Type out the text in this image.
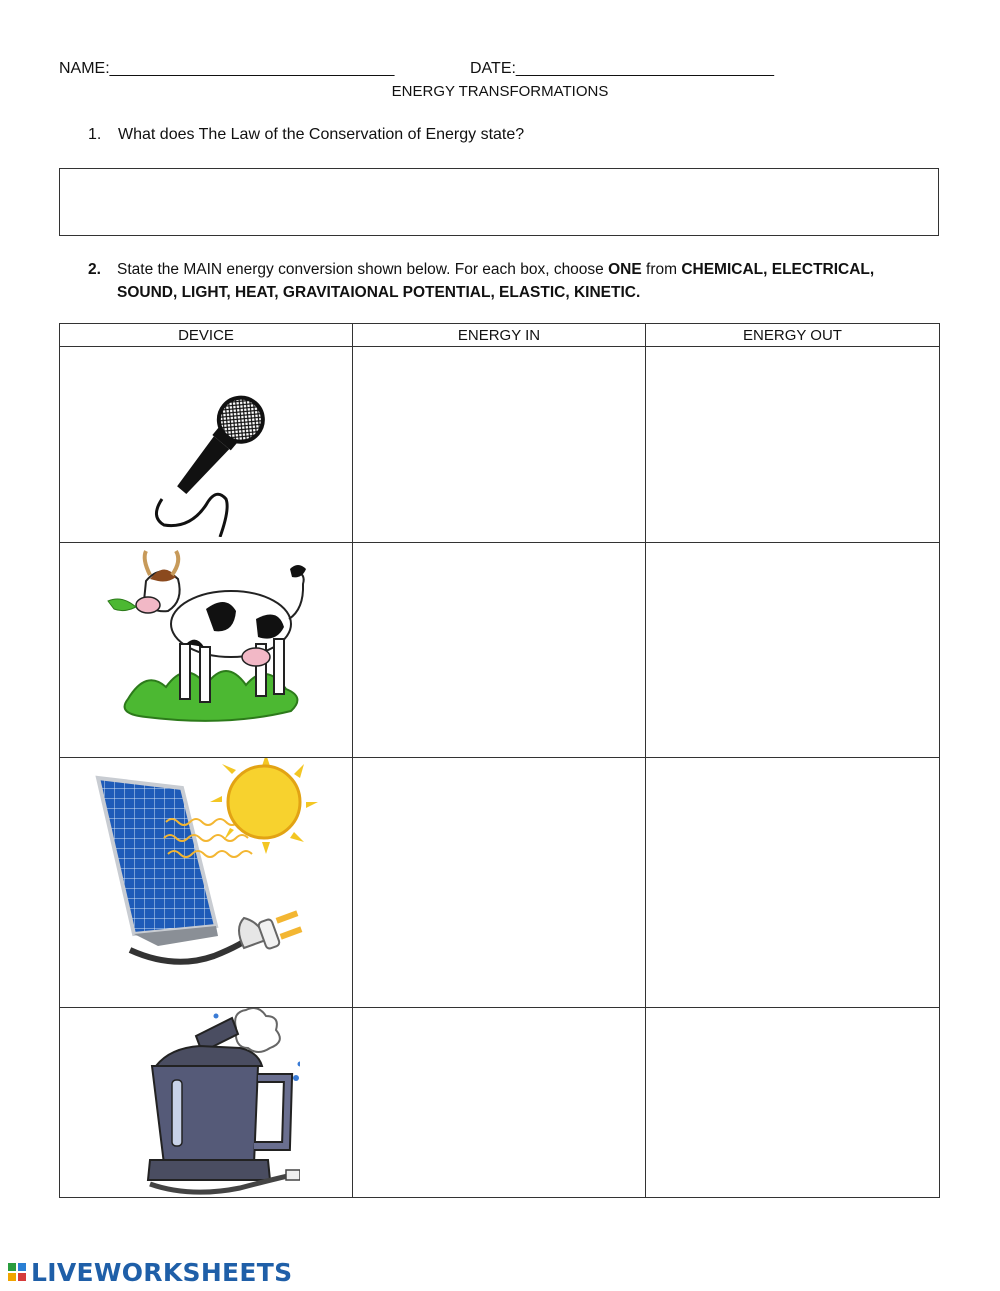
NAME:________________________________	DATE:_____________________________
ENERGY TRANSFORMATIONS
1. What does The Law of the Conservation of Energy state?
2. State the MAIN energy conversion shown below. For each box, choose ONE from CHEMICAL, ELECTRICAL, SOUND, LIGHT, HEAT, GRAVITAIONAL POTENTIAL, ELASTIC, KINETIC.
DEVICE	ENERGY IN	ENERGY OUT

LIVEWORKSHEETS
